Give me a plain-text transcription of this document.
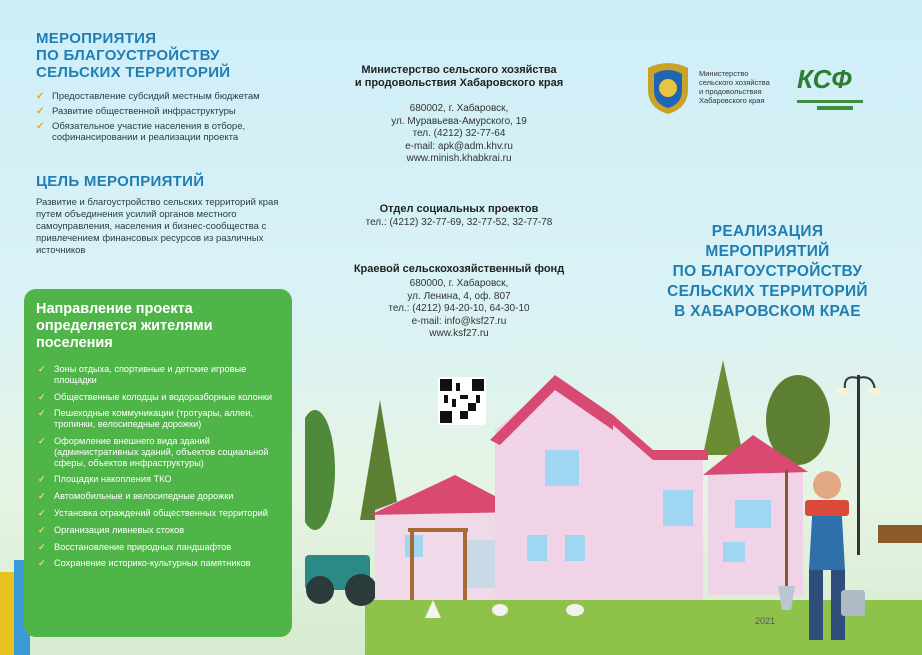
МЕРОПРИЯТИЯ
ПО БЛАГОУСТРОЙСТВУ
СЕЛЬСКИХ ТЕРРИТОРИЙ
✓ Предоставление субсидий местным бюджетам
✓ Развитие общественной инфраструктуры
✓ Обязательное участие населения в отборе, софинансировании и реализации проекта
ЦЕЛЬ МЕРОПРИЯТИЙ
Развитие и благоустройство сельских территорий края путем объединения усилий органов местного самоуправления, населения и бизнес-сообщества с привлечением финансовых ресурсов из различных источников
Направление проекта определяется жителями поселения
✓ Зоны отдыха, спортивные и детские игровые площадки
✓ Общественные колодцы и водоразборные колонки
✓ Пешеходные коммуникации (тротуары, аллеи, тропинки, велосипедные дорожки)
✓ Оформление внешнего вида зданий (административных зданий, объектов социальной сферы, объектов инфраструктуры)
✓ Площадки накопления ТКО
✓ Автомобильные и велосипедные дорожки
✓ Установка ограждений общественных территорий
✓ Организация ливневых стоков
✓ Восстановление природных ландшафтов
✓ Сохранение историко-культурных памятников
Министерство сельского хозяйства
и продовольствия Хабаровского края
680002, г. Хабаровск,
ул. Муравьева-Амурского, 19
тел. (4212) 32-77-64
e-mail: apk@adm.khv.ru
www.minish.khabkrai.ru
Отдел социальных проектов
тел.: (4212) 32-77-69, 32-77-52, 32-77-78
Краевой сельскохозяйственный фонд
680000, г. Хабаровск,
ул. Ленина, 4, оф. 807
тел.: (4212) 94-20-10, 64-30-10
e-mail: info@ksf27.ru
www.ksf27.ru
Министерство
сельского хозяйства
и продовольствия
Хабаровского края
КСФ
РЕАЛИЗАЦИЯ
МЕРОПРИЯТИЙ
ПО БЛАГОУСТРОЙСТВУ
СЕЛЬСКИХ ТЕРРИТОРИЙ
В ХАБАРОВСКОМ КРАЕ
2021
